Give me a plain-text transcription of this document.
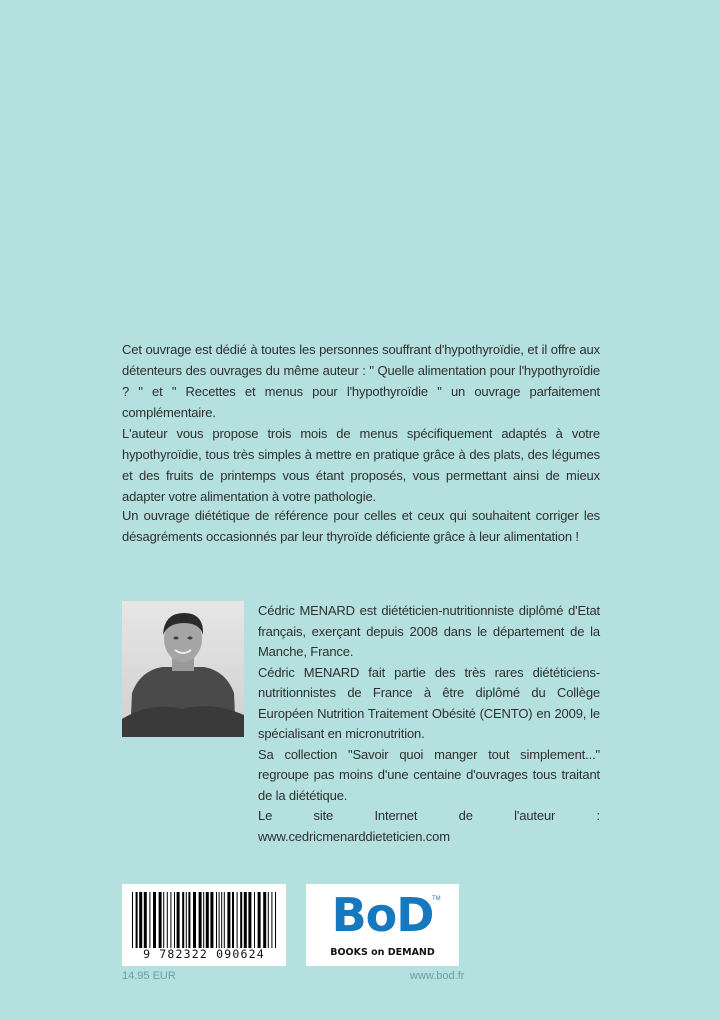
Cet ouvrage est dédié à toutes les personnes souffrant d'hypothyroïdie, et il offre aux détenteurs des ouvrages du même auteur : " Quelle alimentation pour l'hypothyroïdie ? " et " Recettes et menus pour l'hypothyroïdie " un ouvrage parfaitement complémentaire.

L'auteur vous propose trois mois de menus spécifiquement adaptés à votre hypothyroïdie, tous très simples à mettre en pratique grâce à des plats, des légumes et des fruits de printemps vous étant proposés, vous permettant ainsi de mieux adapter votre alimentation à votre pathologie.

Un ouvrage diététique de référence pour celles et ceux qui souhaitent corriger les désagréments occasionnés par leur thyroïde déficiente grâce à leur alimentation !

Cédric MENARD est diététicien-nutritionniste diplômé d'Etat français, exerçant depuis 2008 dans le département de la Manche, France.

Cédric MENARD fait partie des très rares diététiciens-nutritionnistes de France à être diplômé du Collège Européen Nutrition Traitement Obésité (CENTO) en 2009, le spécialisant en micronutrition.

Sa collection "Savoir quoi manger tout simplement..." regroupe pas moins d'une centaine d'ouvrages tous traitant de la diététique.

Le site Internet de l'auteur : www.cedricmenarddieteticien.com

9 782322 090624
BoD
TM
BOOKS on DEMAND
14.95 EUR	www.bod.fr
